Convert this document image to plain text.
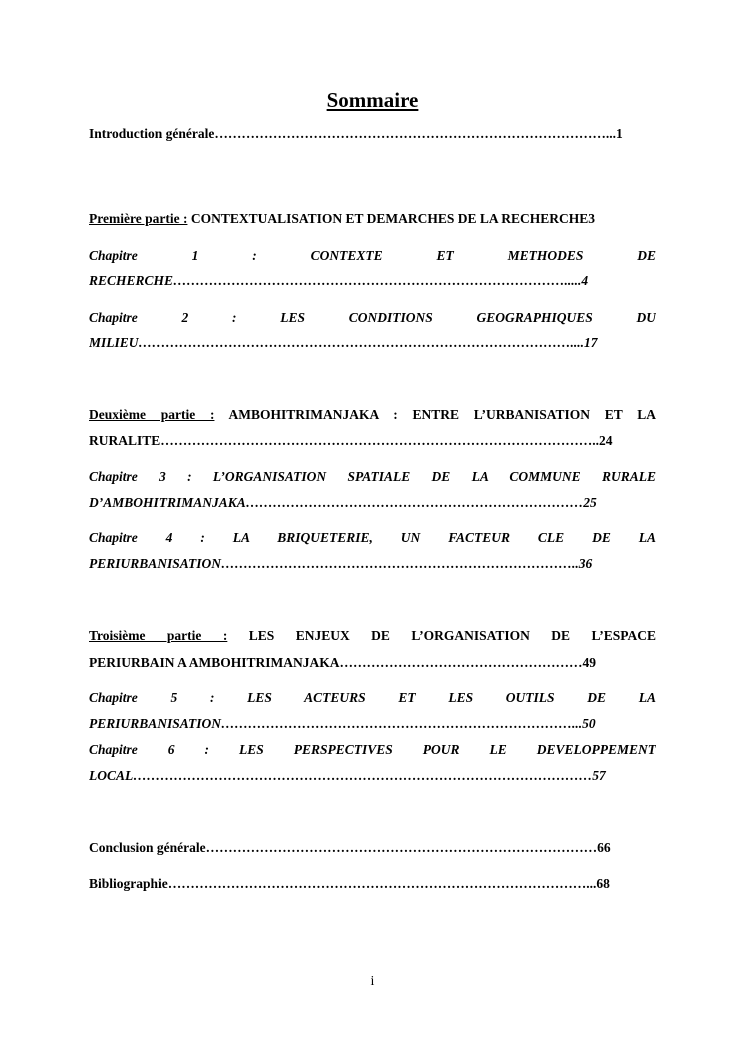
Sommaire
Introduction générale……………………………………………………………………………...1
Première partie : CONTEXTUALISATION ET DEMARCHES DE LA RECHERCHE3
Chapitre 1 : CONTEXTE ET METHODES DE
RECHERCHE…………………………………………………………………………….....4
Chapitre 2 : LES CONDITIONS GEOGRAPHIQUES DU
MILIEU……………………………………………………………………………………....17
Deuxième partie : AMBOHITRIMANJAKA : ENTRE L’URBANISATION ET LA
RURALITE……………………………………………………………………………………..24
Chapitre 3 : L’ORGANISATION SPATIALE DE LA COMMUNE RURALE
D’AMBOHITRIMANJAKA…………………………………………………………………25
Chapitre 4 : LA BRIQUETERIE, UN FACTEUR CLE DE LA
PERIURBANISATION……………………………………………………………………..36
Troisième partie : LES ENJEUX DE L’ORGANISATION DE L’ESPACE
PERIURBAIN A AMBOHITRIMANJAKA………………………………………………49
Chapitre 5 : LES ACTEURS ET LES OUTILS DE LA
PERIURBANISATION……………………………………………………………………...50
Chapitre 6 : LES PERSPECTIVES POUR LE DEVELOPPEMENT
LOCAL…………………………………………………………………………………………57
Conclusion générale……………………………………………………………………………66
Bibliographie…………………………………………………………………………………...68
i
